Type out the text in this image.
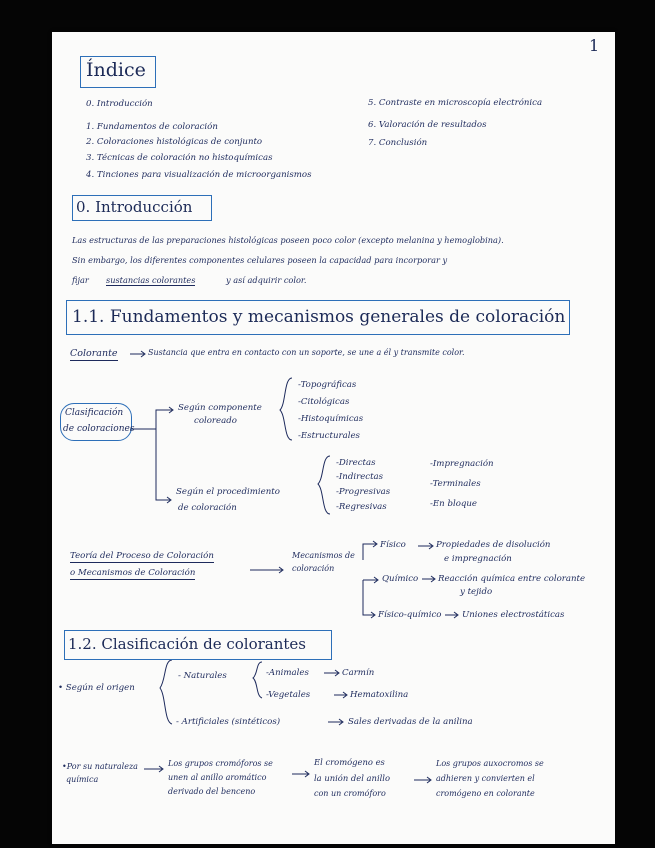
1
Índice
0. Introducción
1. Fundamentos de coloración
2. Coloraciones histológicas de conjunto
3. Técnicas de coloración no histoquímicas
4. Tinciones para visualización de microorganismos
5. Contraste en microscopía electrónica
6. Valoración de resultados
7. Conclusión
0. Introducción
Las estructuras de las preparaciones histológicas poseen poco color (excepto melanina y hemoglobina).
Sin embargo, los diferentes componentes celulares poseen la capacidad para incorporar y
fijar sustancias colorantes	y así adquirir color.
1.1. Fundamentos y mecanismos generales de coloración
Colorante	Sustancia que entra en contacto con un soporte, se une a él y transmite color.
Clasificación
de coloraciones
Según componente
coloreado
-Topográficas
-Citológicas
-Histoquímicas
-Estructurales
Según el procedimiento
de coloración
-Directas
-Indirectas
-Progresivas
-Regresivas
-Impregnación
-Terminales
-En bloque
Teoría del Proceso de Coloración
o Mecanismos de Coloración
Mecanismos de
coloración
Físico	Propiedades de disolución
e impregnación
Químico Reacción química entre colorante
y tejido
Físico-químico Uniones electrostáticas
1.2. Clasificación de colorantes
• Según el origen
- Naturales	-Animales	Carmín
-Vegetales	Hematoxilina
- Artificiales (sintéticos)	Sales derivadas de la anilina
•Por su naturaleza
química
Los grupos cromóforos se
unen al anillo aromático
derivado del benceno
El cromógeno es
la unión del anillo
con un cromóforo
Los grupos auxocromos se
adhieren y convierten el
cromógeno en colorante
